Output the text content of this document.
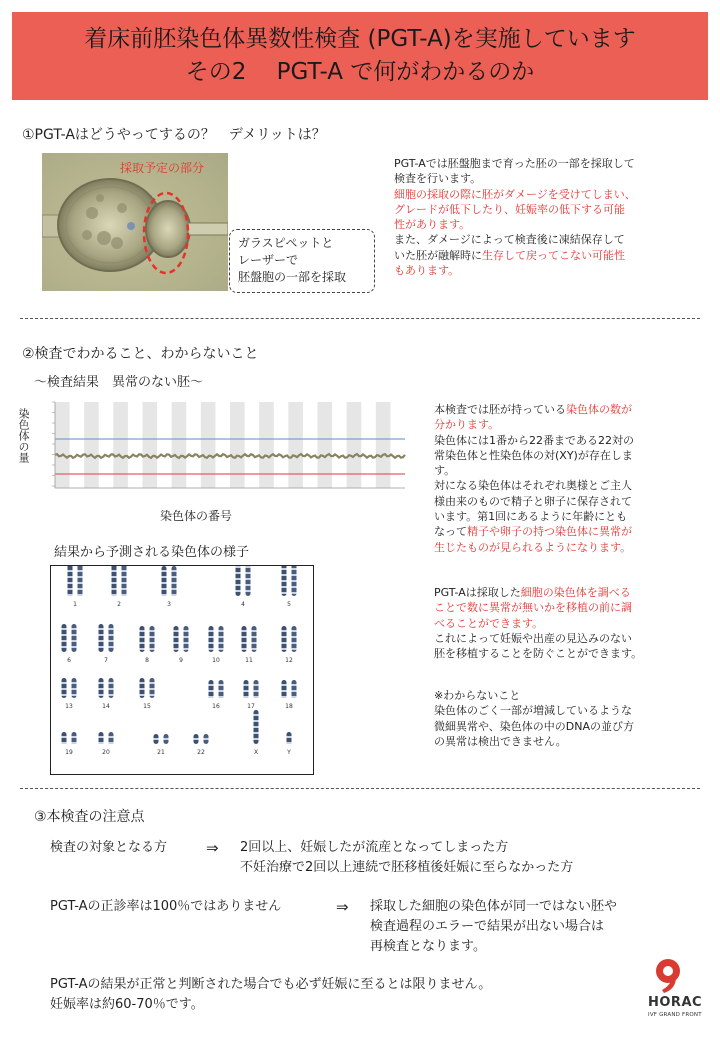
着床前胚染色体異数性検査 (PGT-A)を実施しています
その2　 PGT-A で何がわかるのか
①PGT-Aはどうやってするの？　デメリットは？
採取予定の部分
ガラスピペットと
レーザーで
胚盤胞の一部を採取
PGT-Aでは胚盤胞まで育った胚の一部を採取して
検査を行います。
細胞の採取の際に胚がダメージを受けてしまい、
グレードが低下したり、妊娠率の低下する可能
性があります。
また、ダメージによって検査後に凍結保存して
いた胚が融解時に生存して戻ってこない可能性
もあります。
②検査でわかること、わからないこと
〜検査結果　異常のない胚〜
染色体の量
染色体の番号
結果から予測される染色体の様子
1	2	3	4	5
6	7	8	9	10	11	12
13	14	15	16	17	18
19	20	21	22	X	Y
本検査では胚が持っている染色体の数が
分かります。
染色体には1番から22番まである22対の
常染色体と性染色体の対(XY)が存在しま
す。
対になる染色体はそれぞれ奥様とご主人
様由来のもので精子と卵子に保存されて
います。第1回にあるように年齢にとも
なって精子や卵子の持つ染色体に異常が
生じたものが見られるようになります。
PGT-Aは採取した細胞の染色体を調べる
ことで数に異常が無いかを移植の前に調
べることができます。
これによって妊娠や出産の見込みのない
胚を移植することを防ぐことができます。
※わからないこと
染色体のごく一部が増減しているような
微細異常や、染色体の中のDNAの並び方
の異常は検出できません。
③本検査の注意点
検査の対象となる方	⇒ 2回以上、妊娠したが流産となってしまった方
不妊治療で2回以上連続で胚移植後妊娠に至らなかった方
PGT-Aの正診率は100％ではありません	⇒ 採取した細胞の染色体が同一ではない胚や
検査過程のエラーで結果が出ない場合は
再検査となります。
PGT-Aの結果が正常と判断された場合でも必ず妊娠に至るとは限りません。
妊娠率は約60-70％です。	HORAC
IVF GRAND FRONT
